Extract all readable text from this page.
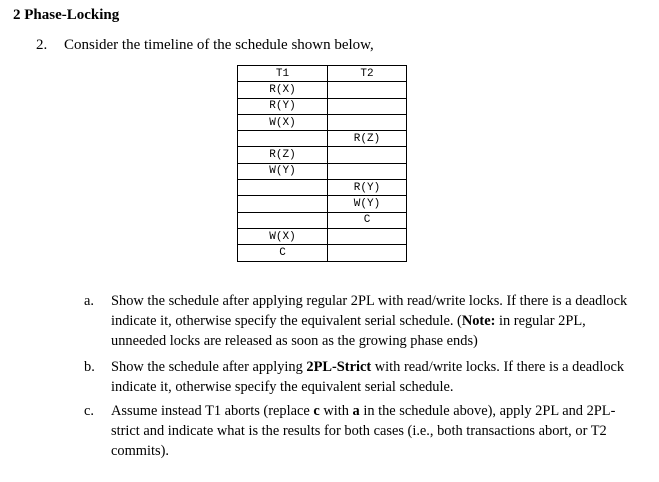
2 Phase-Locking
2. Consider the timeline of the schedule shown below,
T1	T2
R(X)	
R(Y)	
W(X)	
	R(Z)
R(Z)	
W(Y)	
	R(Y)
	W(Y)
	C
W(X)	
C	
a. Show the schedule after applying regular 2PL with read/write locks. If there is a deadlock indicate it, otherwise specify the equivalent serial schedule. (Note: in regular 2PL, unneeded locks are released as soon as the growing phase ends)
b. Show the schedule after applying 2PL-Strict with read/write locks. If there is a deadlock indicate it, otherwise specify the equivalent serial schedule.
c. Assume instead T1 aborts (replace c with a in the schedule above), apply 2PL and 2PL-strict and indicate what is the results for both cases (i.e., both transactions abort, or T2 commits).
